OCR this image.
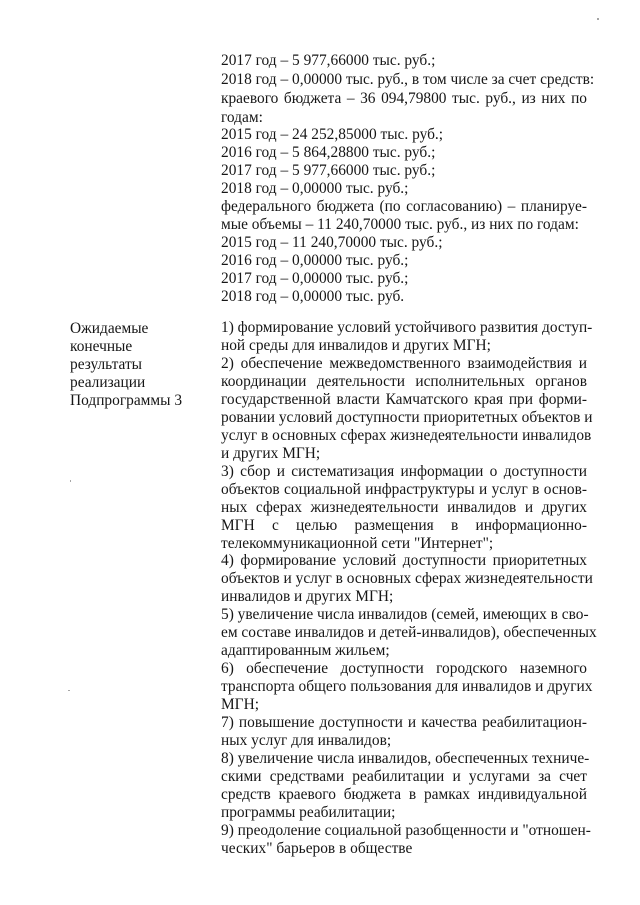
2017 год – 5 977,66000 тыс. руб.;
2018 год – 0,00000 тыс. руб., в том числе за счет средств:
краевого бюджета – 36 094,79800 тыс. руб., из них по
годам:
2015 год – 24 252,85000 тыс. руб.;
2016 год – 5 864,28800 тыс. руб.;
2017 год – 5 977,66000 тыс. руб.;
2018 год – 0,00000 тыс. руб.;
федерального бюджета (по согласованию) – планируе-
мые объемы – 11 240,70000 тыс. руб., из них по годам:
2015 год – 11 240,70000 тыс. руб.;
2016 год – 0,00000 тыс. руб.;
2017 год – 0,00000 тыс. руб.;
2018 год – 0,00000 тыс. руб.
Ожидаемые
конечные
результаты
реализации
Подпрограммы 3
1) формирование условий устойчивого развития доступ-
ной среды для инвалидов и других МГН;
2) обеспечение межведомственного взаимодействия и
координации деятельности исполнительных органов
государственной власти Камчатского края при форми-
ровании условий доступности приоритетных объектов и
услуг в основных сферах жизнедеятельности инвалидов
и других МГН;
3) сбор и систематизация информации о доступности
объектов социальной инфраструктуры и услуг в основ-
ных сферах жизнедеятельности инвалидов и других
МГН с целью размещения в информационно-
телекоммуникационной сети "Интернет";
4) формирование условий доступности приоритетных
объектов и услуг в основных сферах жизнедеятельности
инвалидов и других МГН;
5) увеличение числа инвалидов (семей, имеющих в сво-
ем составе инвалидов и детей-инвалидов), обеспеченных
адаптированным жильем;
6) обеспечение доступности городского наземного
транспорта общего пользования для инвалидов и других
МГН;
7) повышение доступности и качества реабилитацион-
ных услуг для инвалидов;
8) увеличение числа инвалидов, обеспеченных техниче-
скими средствами реабилитации и услугами за счет
средств краевого бюджета в рамках индивидуальной
программы реабилитации;
9) преодоление социальной разобщенности и "отношен-
ческих" барьеров в обществе
